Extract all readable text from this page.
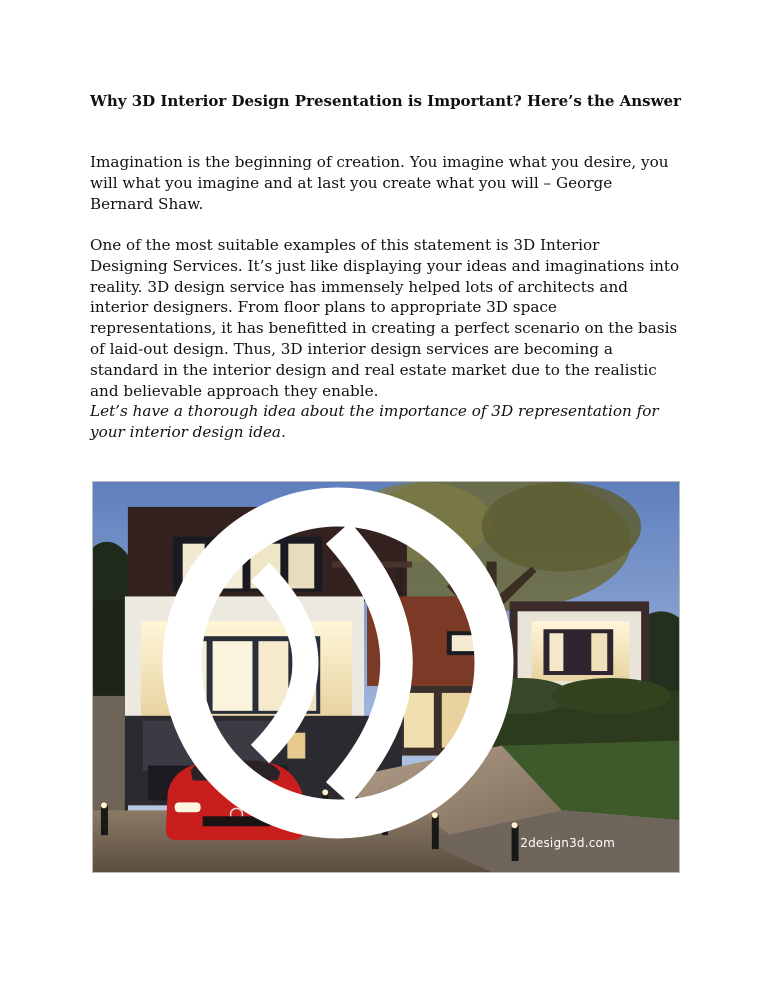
Why 3D Interior Design Presentation is Important? Here’s the Answer

Imagination is the beginning of creation. You imagine what you desire, you will what you imagine and at last you create what you will – George Bernard Shaw.

One of the most suitable examples of this statement is 3D Interior Designing Services. It’s just like displaying your ideas and imaginations into reality. 3D design service has immensely helped lots of architects and interior designers. From floor plans to appropriate 3D space representations, it has benefitted in creating a perfect scenario on the basis of laid-out design. Thus, 3D interior design services are becoming a standard in the interior design and real estate market due to the realistic and believable approach they enable.

Let’s have a thorough idea about the importance of 3D representation for your interior design idea.

2design3d.com
